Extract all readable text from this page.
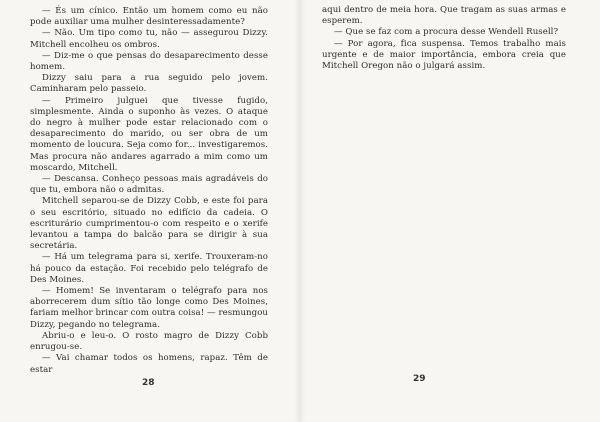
— És um cínico. Então um homem como eu não pode auxiliar uma mulher desinteressadamente?

— Não. Um tipo como tu, não — assegurou Dizzy. Mitchell encolheu os ombros.

— Diz-me o que pensas do desaparecimento desse homem.

Dizzy saiu para a rua seguido pelo jovem. Caminharam pelo passeio.

— Primeiro julguei que tivesse fugido, simplesmente. Ainda o suponho às vezes. O ataque do negro à mulher pode estar relacionado com o desaparecimento do marido, ou ser obra de um momento de loucura. Seja como for... investigaremos. Mas procura não andares agarrado a mim como um moscardo, Mitchell.

— Descansa. Conheço pessoas mais agradáveis do que tu, embora não o admitas.

Mitchell separou-se de Dizzy Cobb, e este foi para o seu escritório, situado no edifício da cadeia. O escriturário cumprimentou-o com respeito e o xerife levantou a tampa do balcão para se dirigir à sua secretária.

— Há um telegrama para si, xerife. Trouxeram-no há pouco da estação. Foi recebido pelo telégrafo de Des Moines.

— Homem! Se inventaram o telégrafo para nos aborrecerem dum sítio tão longe como Des Moines, fariam melhor brincar com outra coisa! — resmungou Dizzy, pegando no telegrama.

Abriu-o e leu-o. O rosto magro de Dizzy Cobb enrugou-se.

— Vai chamar todos os homens, rapaz. Têm de estar

28

aqui dentro de meia hora. Que tragam as suas armas e esperem.

— Que se faz com a procura desse Wendell Rusell?

— Por agora, fica suspensa. Temos trabalho mais urgente e de maior importância, embora creia que Mitchell Oregon não o julgará assim.

29
